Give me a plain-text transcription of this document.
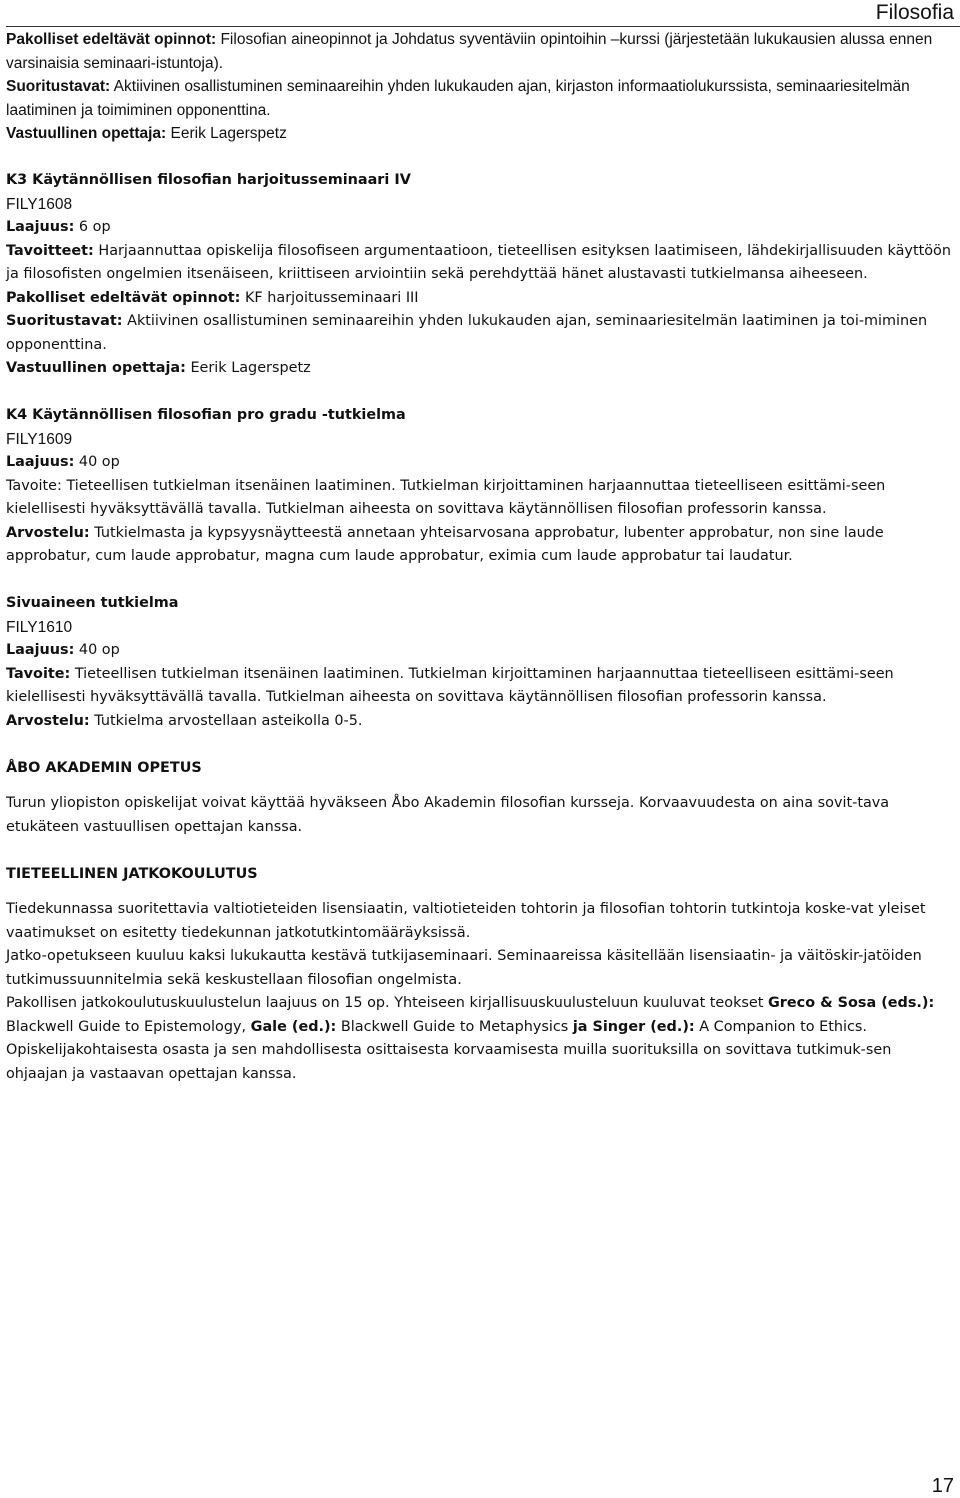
Filosofia

Pakolliset edeltävät opinnot: Filosofian aineopinnot ja Johdatus syventäviin opintoihin –kurssi (järjestetään lukukausien alussa ennen varsinaisia seminaari-istuntoja).

Suoritustavat: Aktiivinen osallistuminen seminaareihin yhden lukukauden ajan, kirjaston informaatiolukurssista, seminaariesitelmän laatiminen ja toimiminen opponenttina.

Vastuullinen opettaja: Eerik Lagerspetz

K3 Käytännöllisen filosofian harjoitusseminaari IV

FILY1608

Laajuus: 6 op

Tavoitteet: Harjaannuttaa opiskelija filosofiseen argumentaatioon, tieteellisen esityksen laatimiseen, lähdekirjallisuuden käyttöön ja filosofisten ongelmien itsenäiseen, kriittiseen arviointiin sekä perehdyttää hänet alustavasti tutkielmansa aiheeseen.

Pakolliset edeltävät opinnot: KF harjoitusseminaari III

Suoritustavat: Aktiivinen osallistuminen seminaareihin yhden lukukauden ajan, seminaariesitelmän laatiminen ja toi-miminen opponenttina.

Vastuullinen opettaja: Eerik Lagerspetz

K4 Käytännöllisen filosofian pro gradu -tutkielma

FILY1609

Laajuus: 40 op

Tavoite: Tieteellisen tutkielman itsenäinen laatiminen. Tutkielman kirjoittaminen harjaannuttaa tieteelliseen esittämi-seen kielellisesti hyväksyttävällä tavalla. Tutkielman aiheesta on sovittava käytännöllisen filosofian professorin kanssa.

Arvostelu: Tutkielmasta ja kypsyysnäytteestä annetaan yhteisarvosana approbatur, lubenter approbatur, non sine laude approbatur, cum laude approbatur, magna cum laude approbatur, eximia cum laude approbatur tai laudatur.

Sivuaineen tutkielma

FILY1610

Laajuus: 40 op

Tavoite: Tieteellisen tutkielman itsenäinen laatiminen. Tutkielman kirjoittaminen harjaannuttaa tieteelliseen esittämi-seen kielellisesti hyväksyttävällä tavalla. Tutkielman aiheesta on sovittava käytännöllisen filosofian professorin kanssa.

Arvostelu: Tutkielma arvostellaan asteikolla 0-5.

ÅBO AKADEMIN OPETUS

Turun yliopiston opiskelijat voivat käyttää hyväkseen Åbo Akademin filosofian kursseja. Korvaavuudesta on aina sovit-tava etukäteen vastuullisen opettajan kanssa.

TIETEELLINEN JATKOKOULUTUS

Tiedekunnassa suoritettavia valtiotieteiden lisensiaatin, valtiotieteiden tohtorin ja filosofian tohtorin tutkintoja koske-vat yleiset vaatimukset on esitetty tiedekunnan jatkotutkintomääräyksissä.

Jatko-opetukseen kuuluu kaksi lukukautta kestävä tutkijaseminaari. Seminaareissa käsitellään lisensiaatin- ja väitöskir-jatöiden tutkimussuunnitelmia sekä keskustellaan filosofian ongelmista.

Pakollisen jatkokoulutuskuulustelun laajuus on 15 op. Yhteiseen kirjallisuuskuulusteluun kuuluvat teokset Greco & Sosa (eds.): Blackwell Guide to Epistemology, Gale (ed.): Blackwell Guide to Metaphysics ja Singer (ed.): A Companion to Ethics.

Opiskelijakohtaisesta osasta ja sen mahdollisesta osittaisesta korvaamisesta muilla suorituksilla on sovittava tutkimuk-sen ohjaajan ja vastaavan opettajan kanssa.

17
